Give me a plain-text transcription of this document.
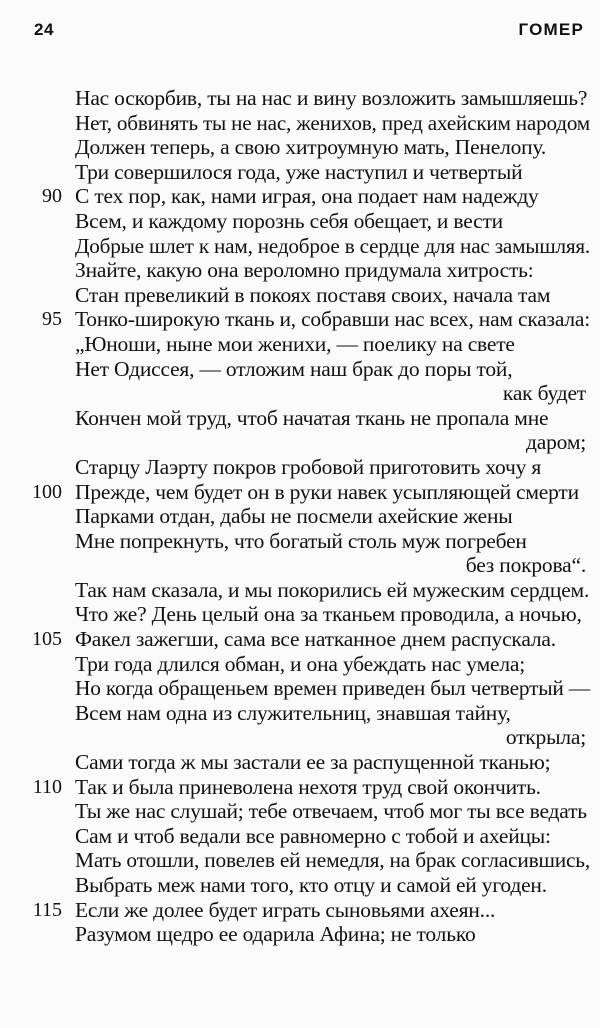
24	ГОМЕР
Нас оскорбив, ты на нас и вину возложить замышляешь?
Нет, обвинять ты не нас, женихов, пред ахейским народом
Должен теперь, а свою хитроумную мать, Пенелопу.
Три совершилося года, уже наступил и четвертый
90 С тех пор, как, нами играя, она подает нам надежду
Всем, и каждому порознь себя обещает, и вести
Добрые шлет к нам, недоброе в сердце для нас замышляя.
Знайте, какую она вероломно придумала хитрость:
Стан превеликий в покоях поставя своих, начала там
95 Тонко-широкую ткань и, собравши нас всех, нам сказала:
„Юноши, ныне мои женихи, — поелику на свете
Нет Одиссея, — отложим наш брак до поры той,
как будет
Кончен мой труд, чтоб начатая ткань не пропала мне
даром;
Старцу Лаэрту покров гробовой приготовить хочу я
100 Прежде, чем будет он в руки навек усыпляющей смерти
Парками отдан, дабы не посмели ахейские жены
Мне попрекнуть, что богатый столь муж погребен
без покрова“.
Так нам сказала, и мы покорились ей мужеским сердцем.
Что же? День целый она за тканьем проводила, а ночью,
105 Факел зажегши, сама все натканное днем распускала.
Три года длился обман, и она убеждать нас умела;
Но когда обращеньем времен приведен был четвертый —
Всем нам одна из служительниц, знавшая тайну,
открыла;
Сами тогда ж мы застали ее за распущенной тканью;
110 Так и была приневолена нехотя труд свой окончить.
Ты же нас слушай; тебе отвечаем, чтоб мог ты все ведать
Сам и чтоб ведали все равномерно с тобой и ахейцы:
Мать отошли, повелев ей немедля, на брак согласившись,
Выбрать меж нами того, кто отцу и самой ей угоден.
115 Если же долее будет играть сыновьями ахеян...
Разумом щедро ее одарила Афина; не только
